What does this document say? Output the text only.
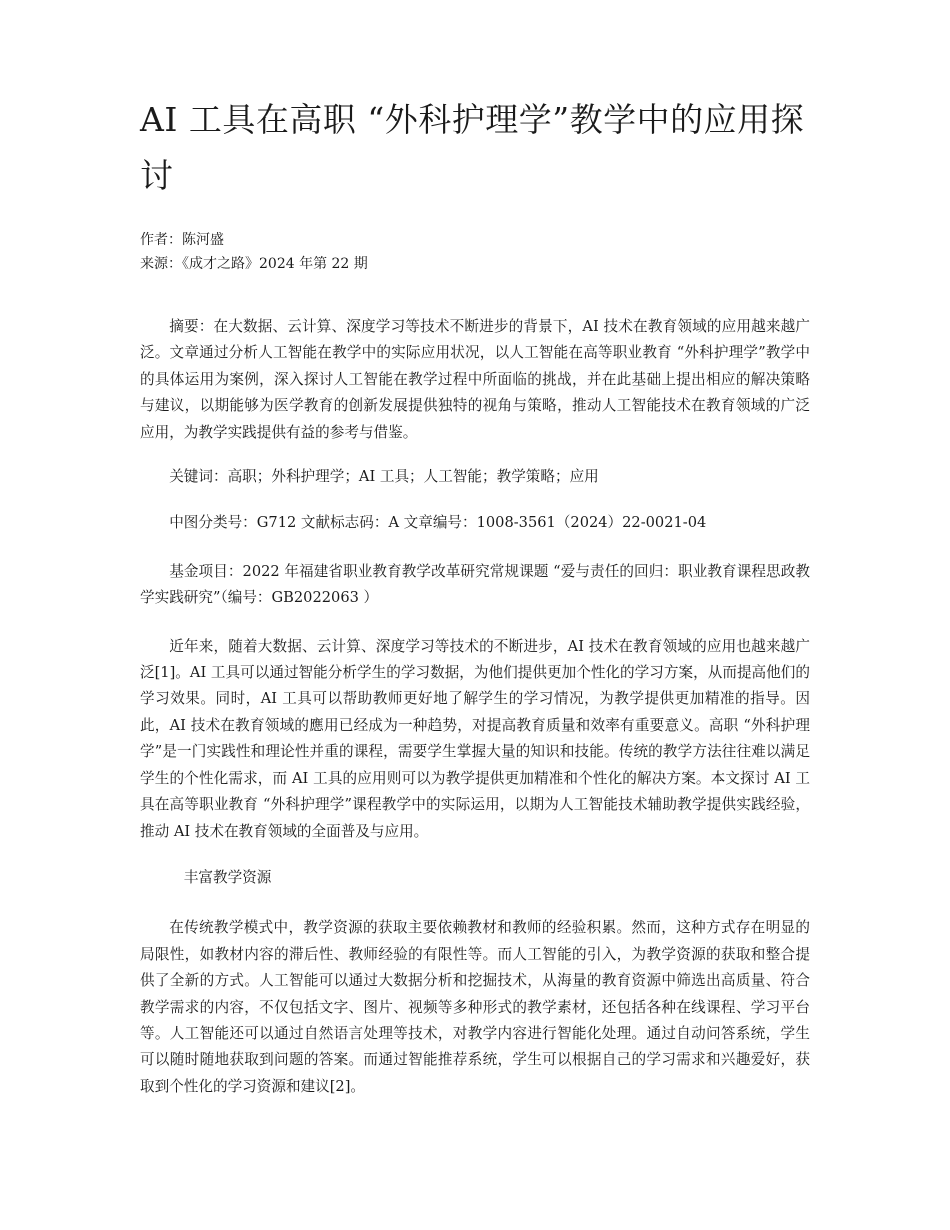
AI 工具在高职 “外科护理学”教学中的应用探讨
作者：陈河盛
来源：《成才之路》2024 年第 22 期

摘要：在大数据、云计算、深度学习等技术不断进步的背景下，AI 技术在教育领域的应用越来越广泛。文章通过分析人工智能在教学中的实际应用状况，以人工智能在高等职业教育 “外科护理学”教学中的具体运用为案例，深入探讨人工智能在教学过程中所面临的挑战，并在此基础上提出相应的解决策略与建议，以期能够为医学教育的创新发展提供独特的视角与策略，推动人工智能技术在教育领域的广泛应用，为教学实践提供有益的参考与借鉴。

关键词：高职；外科护理学；AI 工具；人工智能；教学策略；应用

中图分类号：G712 文献标志码：A 文章编号：1008-3561（2024）22-0021-04

基金项目：2022 年福建省职业教育教学改革研究常规课题 “爱与责任的回归：职业教育课程思政教学实践研究”（编号：GB2022063 ）

近年来，随着大数据、云计算、深度学习等技术的不断进步，AI 技术在教育领域的应用也越来越广泛[1]。AI 工具可以通过智能分析学生的学习数据，为他们提供更加个性化的学习方案，从而提高他们的学习效果。同时，AI 工具可以帮助教师更好地了解学生的学习情况，为教学提供更加精准的指导。因此，AI 技术在教育领域的應用已经成为一种趋势，对提高教育质量和效率有重要意义。高职 “外科护理学”是一门实践性和理论性并重的课程，需要学生掌握大量的知识和技能。传统的教学方法往往难以满足学生的个性化需求，而 AI 工具的应用则可以为教学提供更加精准和个性化的解决方案。本文探讨 AI 工具在高等职业教育 “外科护理学”课程教学中的实际运用，以期为人工智能技术辅助教学提供实践经验，推动 AI 技术在教育领域的全面普及与应用。

丰富教学资源

在传统教学模式中，教学资源的获取主要依赖教材和教师的经验积累。然而，这种方式存在明显的局限性，如教材内容的滞后性、教师经验的有限性等。而人工智能的引入，为教学资源的获取和整合提供了全新的方式。人工智能可以通过大数据分析和挖掘技术，从海量的教育资源中筛选出高质量、符合教学需求的内容，不仅包括文字、图片、视频等多种形式的教学素材，还包括各种在线课程、学习平台等。人工智能还可以通过自然语言处理等技术，对教学内容进行智能化处理。通过自动问答系统，学生可以随时随地获取到问题的答案。而通过智能推荐系统，学生可以根据自己的学习需求和兴趣爱好，获取到个性化的学习资源和建议[2]。
